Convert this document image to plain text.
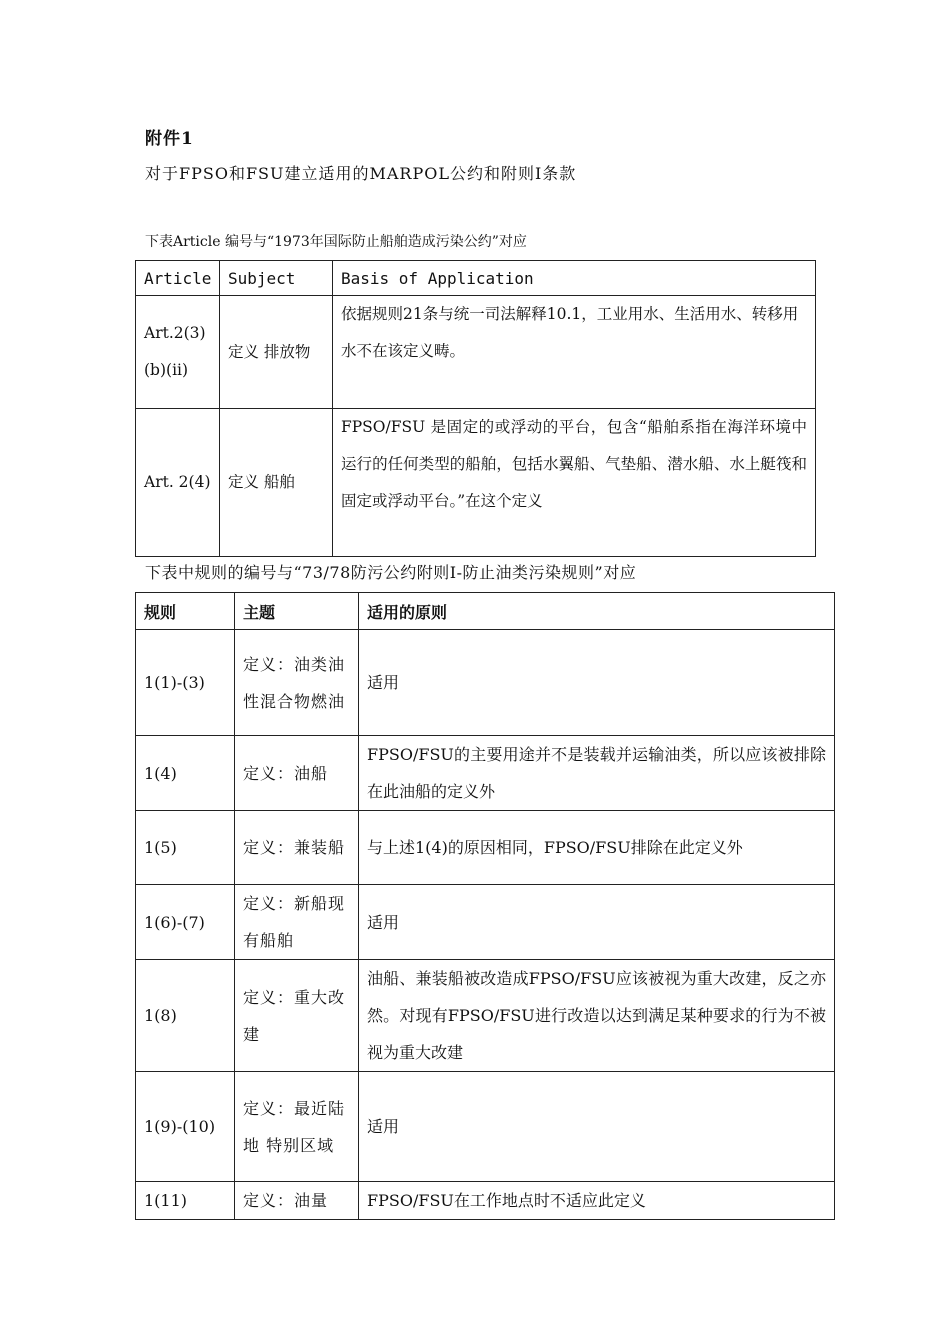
附件1
对于FPSO和FSU建立适用的MARPOL公约和附则I条款
下表Article 编号与“1973年国际防止船舶造成污染公约”对应
Article	Subject	Basis of Application
Art.2(3) (b)(ii)	定义 排放物	依据规则21条与统一司法解释10.1，工业用水、生活用水、转移用水不在该定义畴。
Art. 2(4)	定义 船舶	FPSO/FSU 是固定的或浮动的平台，包含“船舶系指在海洋环境中运行的任何类型的船舶，包括水翼船、气垫船、潜水船、水上艇筏和固定或浮动平台。”在这个定义
下表中规则的编号与“73/78防污公约附则I-防止油类污染规则”对应
规则	主题	适用的原则
1(1)-(3)	定义：油类油性混合物燃油	适用
1(4)	定义：油船	FPSO/FSU的主要用途并不是装载并运输油类，所以应该被排除在此油船的定义外
1(5)	定义：兼装船	与上述1(4)的原因相同，FPSO/FSU排除在此定义外
1(6)-(7)	定义：新船现有船舶	适用
1(8)	定义：重大改建	油船、兼装船被改造成FPSO/FSU应该被视为重大改建，反之亦然。对现有FPSO/FSU进行改造以达到满足某种要求的行为不被视为重大改建
1(9)-(10)	定义：最近陆地 特别区域	适用
1(11)	定义：油量	FPSO/FSU在工作地点时不适应此定义
